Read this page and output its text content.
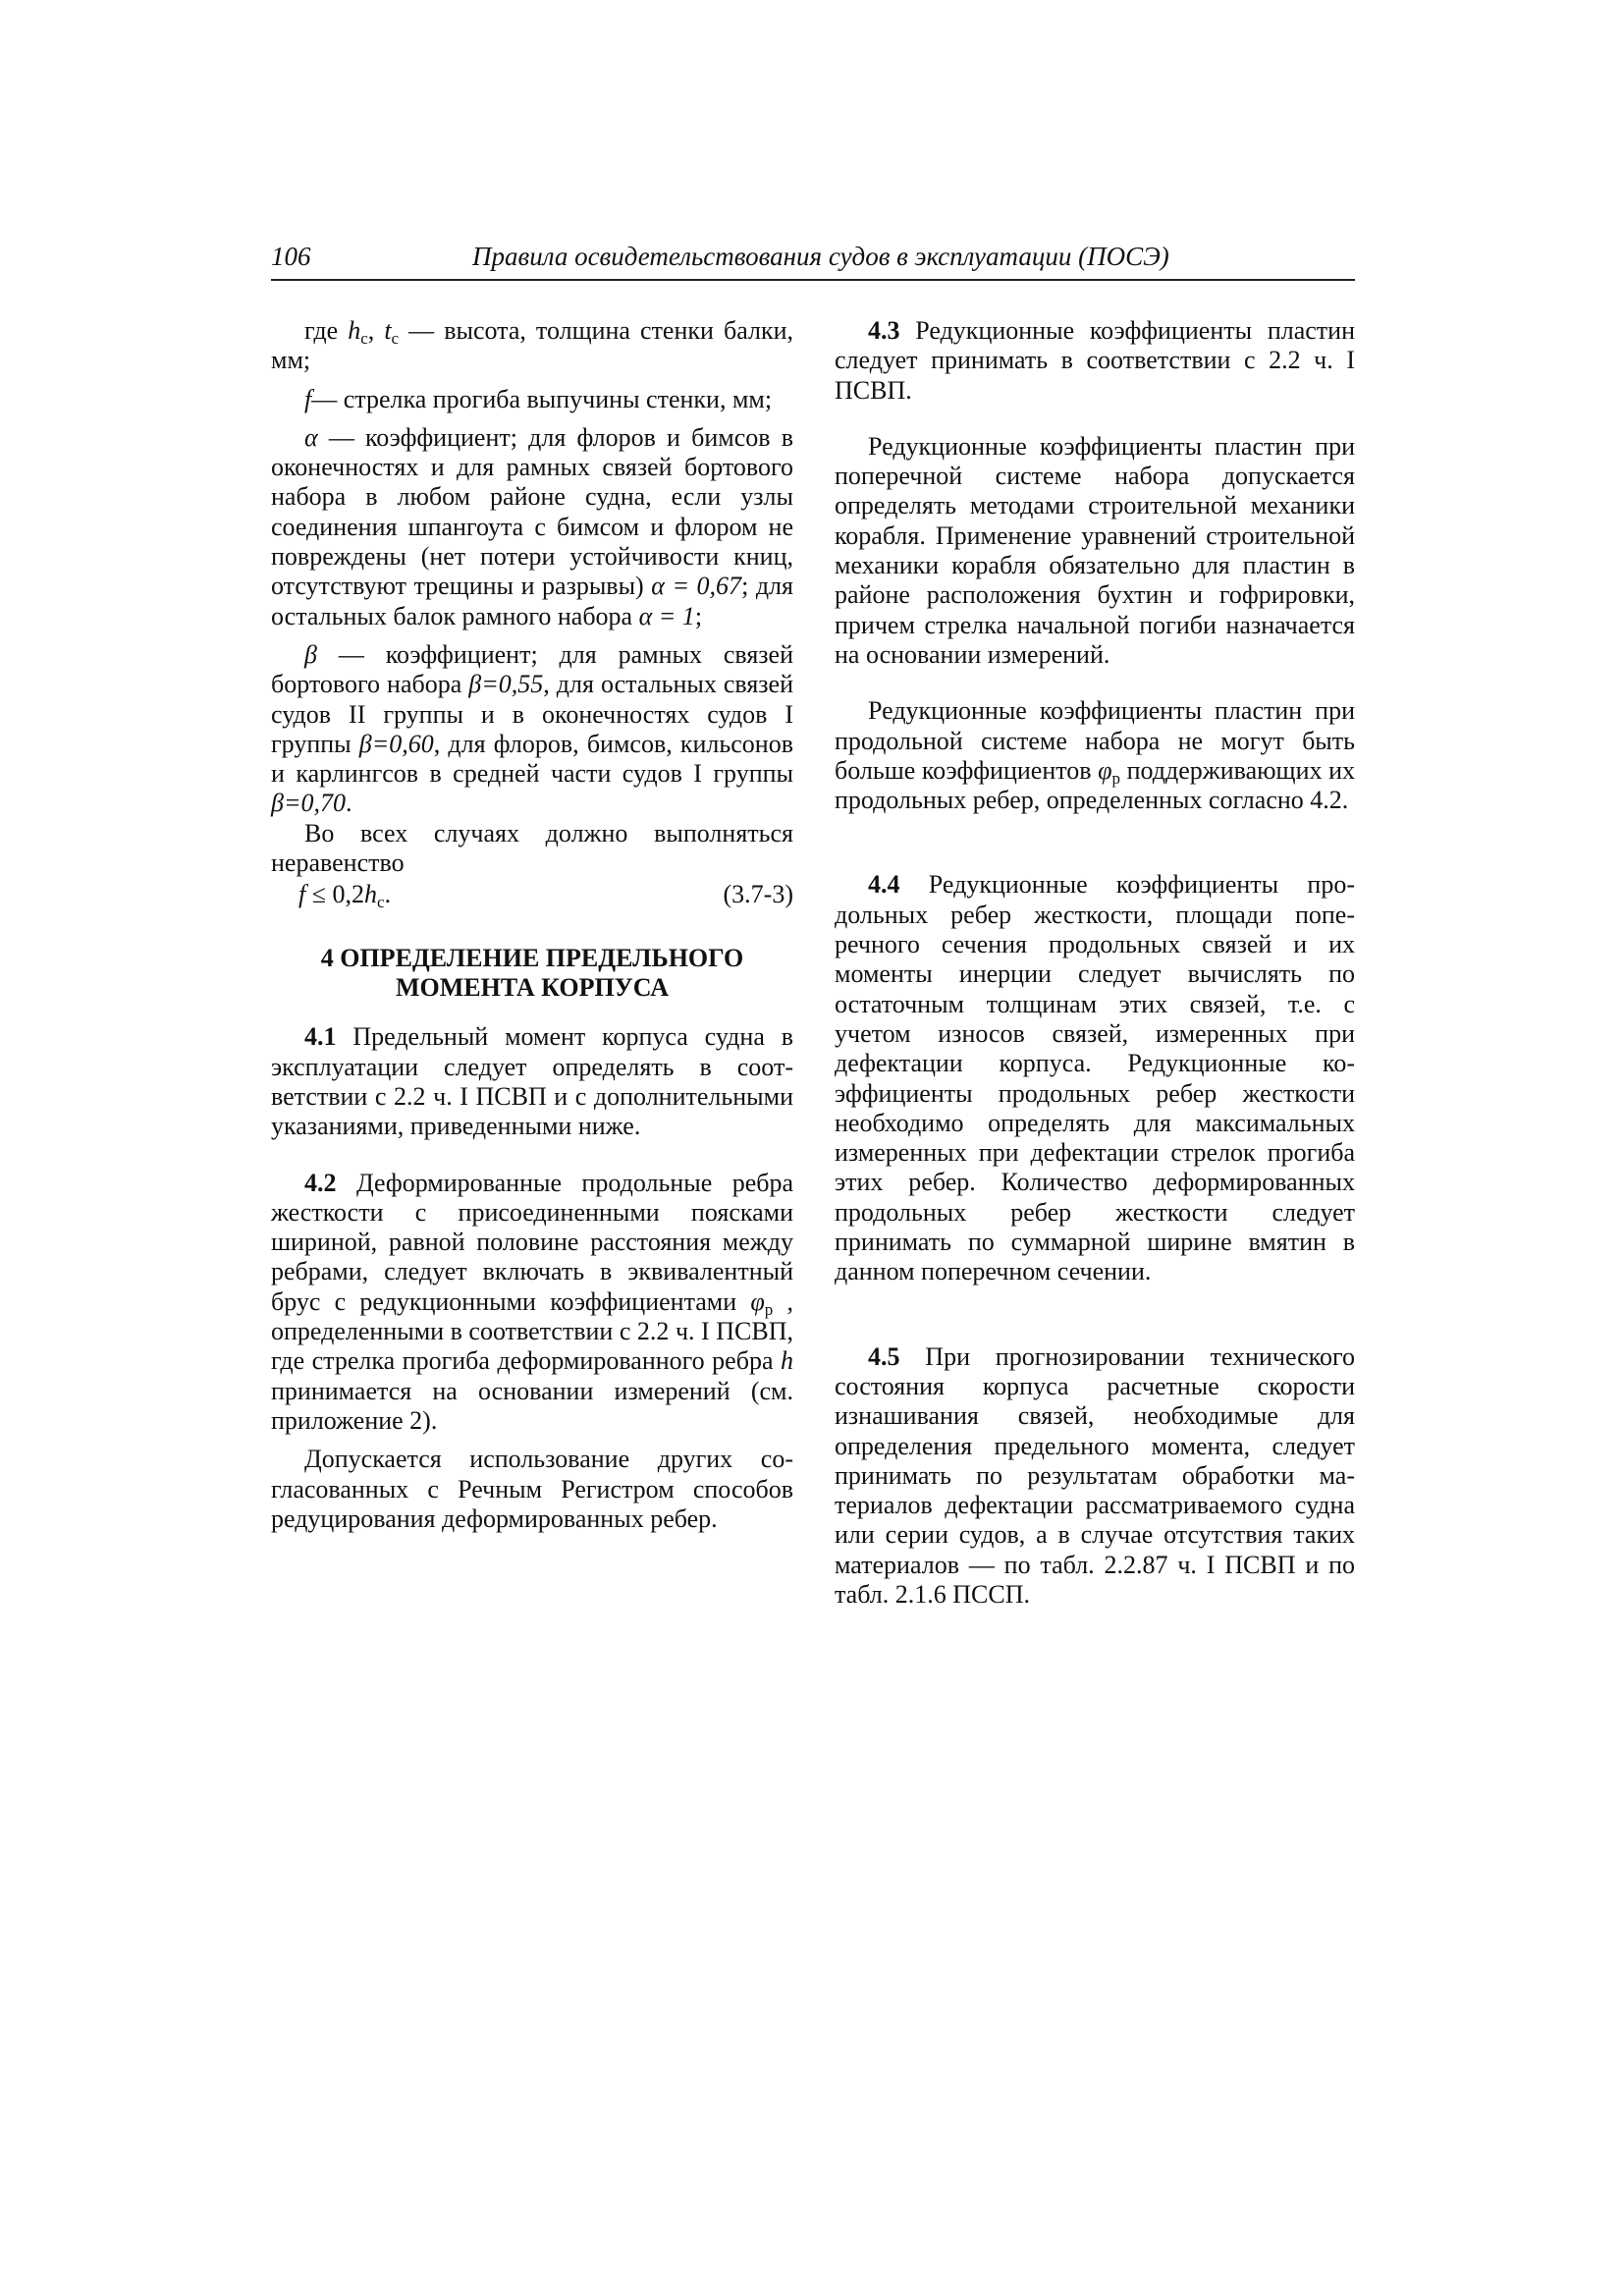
106	Правила освидетельствования судов в эксплуатации (ПОСЭ)

где $h_c$, $t_c$ — высота, толщина стенки балки, мм;

f— стрелка прогиба выпучины стенки, мм;

α — коэффициент; для флоров и бимсов в оконечностях и для рамных связей бортового набора в любом районе судна, если узлы соединения шпангоута с бимсом и флором не повреждены (нет потери устойчивости книц, отсутствуют трещины и разрывы) α = 0,67; для остальных балок рамного набора α = 1;

β — коэффициент; для рамных связей бортового набора β=0,55, для остальных связей судов II группы и в оконечностях судов I группы β=0,60, для флоров, бимсов, кильсонов и карлингсов в средней части судов I группы β=0,70.

Во всех случаях должно выполняться неравенство

$f \le 0,2h_c$.	(3.7-3)
4 ОПРЕДЕЛЕНИЕ ПРЕДЕЛЬНОГО
МОМЕНТА КОРПУСА

4.1 Предельный момент корпуса судна в эксплуатации следует определять в соответствии с 2.2 ч. I ПСВП и с дополнительными указаниями, приведенными ниже.

4.2 Деформированные продольные ребра жесткости с присоединенными поясками шириной, равной половине расстояния между ребрами, следует включать в эквивалентный брус с редукционными коэффициентами $\varphi_p$ , определенными в соответствии с 2.2 ч. I ПСВП, где стрелка прогиба деформированного ребра h принимается на основании измерений (см. приложение 2).

Допускается использование других согласованных с Речным Регистром способов редуцирования деформированных ребер.

4.3 Редукционные коэффициенты пластин следует принимать в соответствии с 2.2 ч. I ПСВП.

Редукционные коэффициенты пластин при поперечной системе набора допускается определять методами строительной механики корабля. Применение уравнений строительной механики корабля обязательно для пластин в районе расположения бухтин и гофрировки, причем стрелка начальной погиби назначается на основании измерений.

Редукционные коэффициенты пластин при продольной системе набора не могут быть больше коэффициентов $\varphi_p$ поддерживающих их продольных ребер, определенных согласно 4.2.

4.4 Редукционные коэффициенты продольных ребер жесткости, площади поперечного сечения продольных связей и их моменты инерции следует вычислять по остаточным толщинам этих связей, т.е. с учетом износов связей, измеренных при дефектации корпуса. Редукционные коэффициенты продольных ребер жесткости необходимо определять для максимальных измеренных при дефектации стрелок прогиба этих ребер. Количество деформированных продольных ребер жесткости следует принимать по суммарной ширине вмятин в данном поперечном сечении.

4.5 При прогнозировании технического состояния корпуса расчетные скорости изнашивания связей, необходимые для определения предельного момента, следует принимать по результатам обработки материалов дефектации рассматриваемого судна или серии судов, а в случае отсутствия таких материалов — по табл. 2.2.87 ч. I ПСВП и по табл. 2.1.6 ПССП.
